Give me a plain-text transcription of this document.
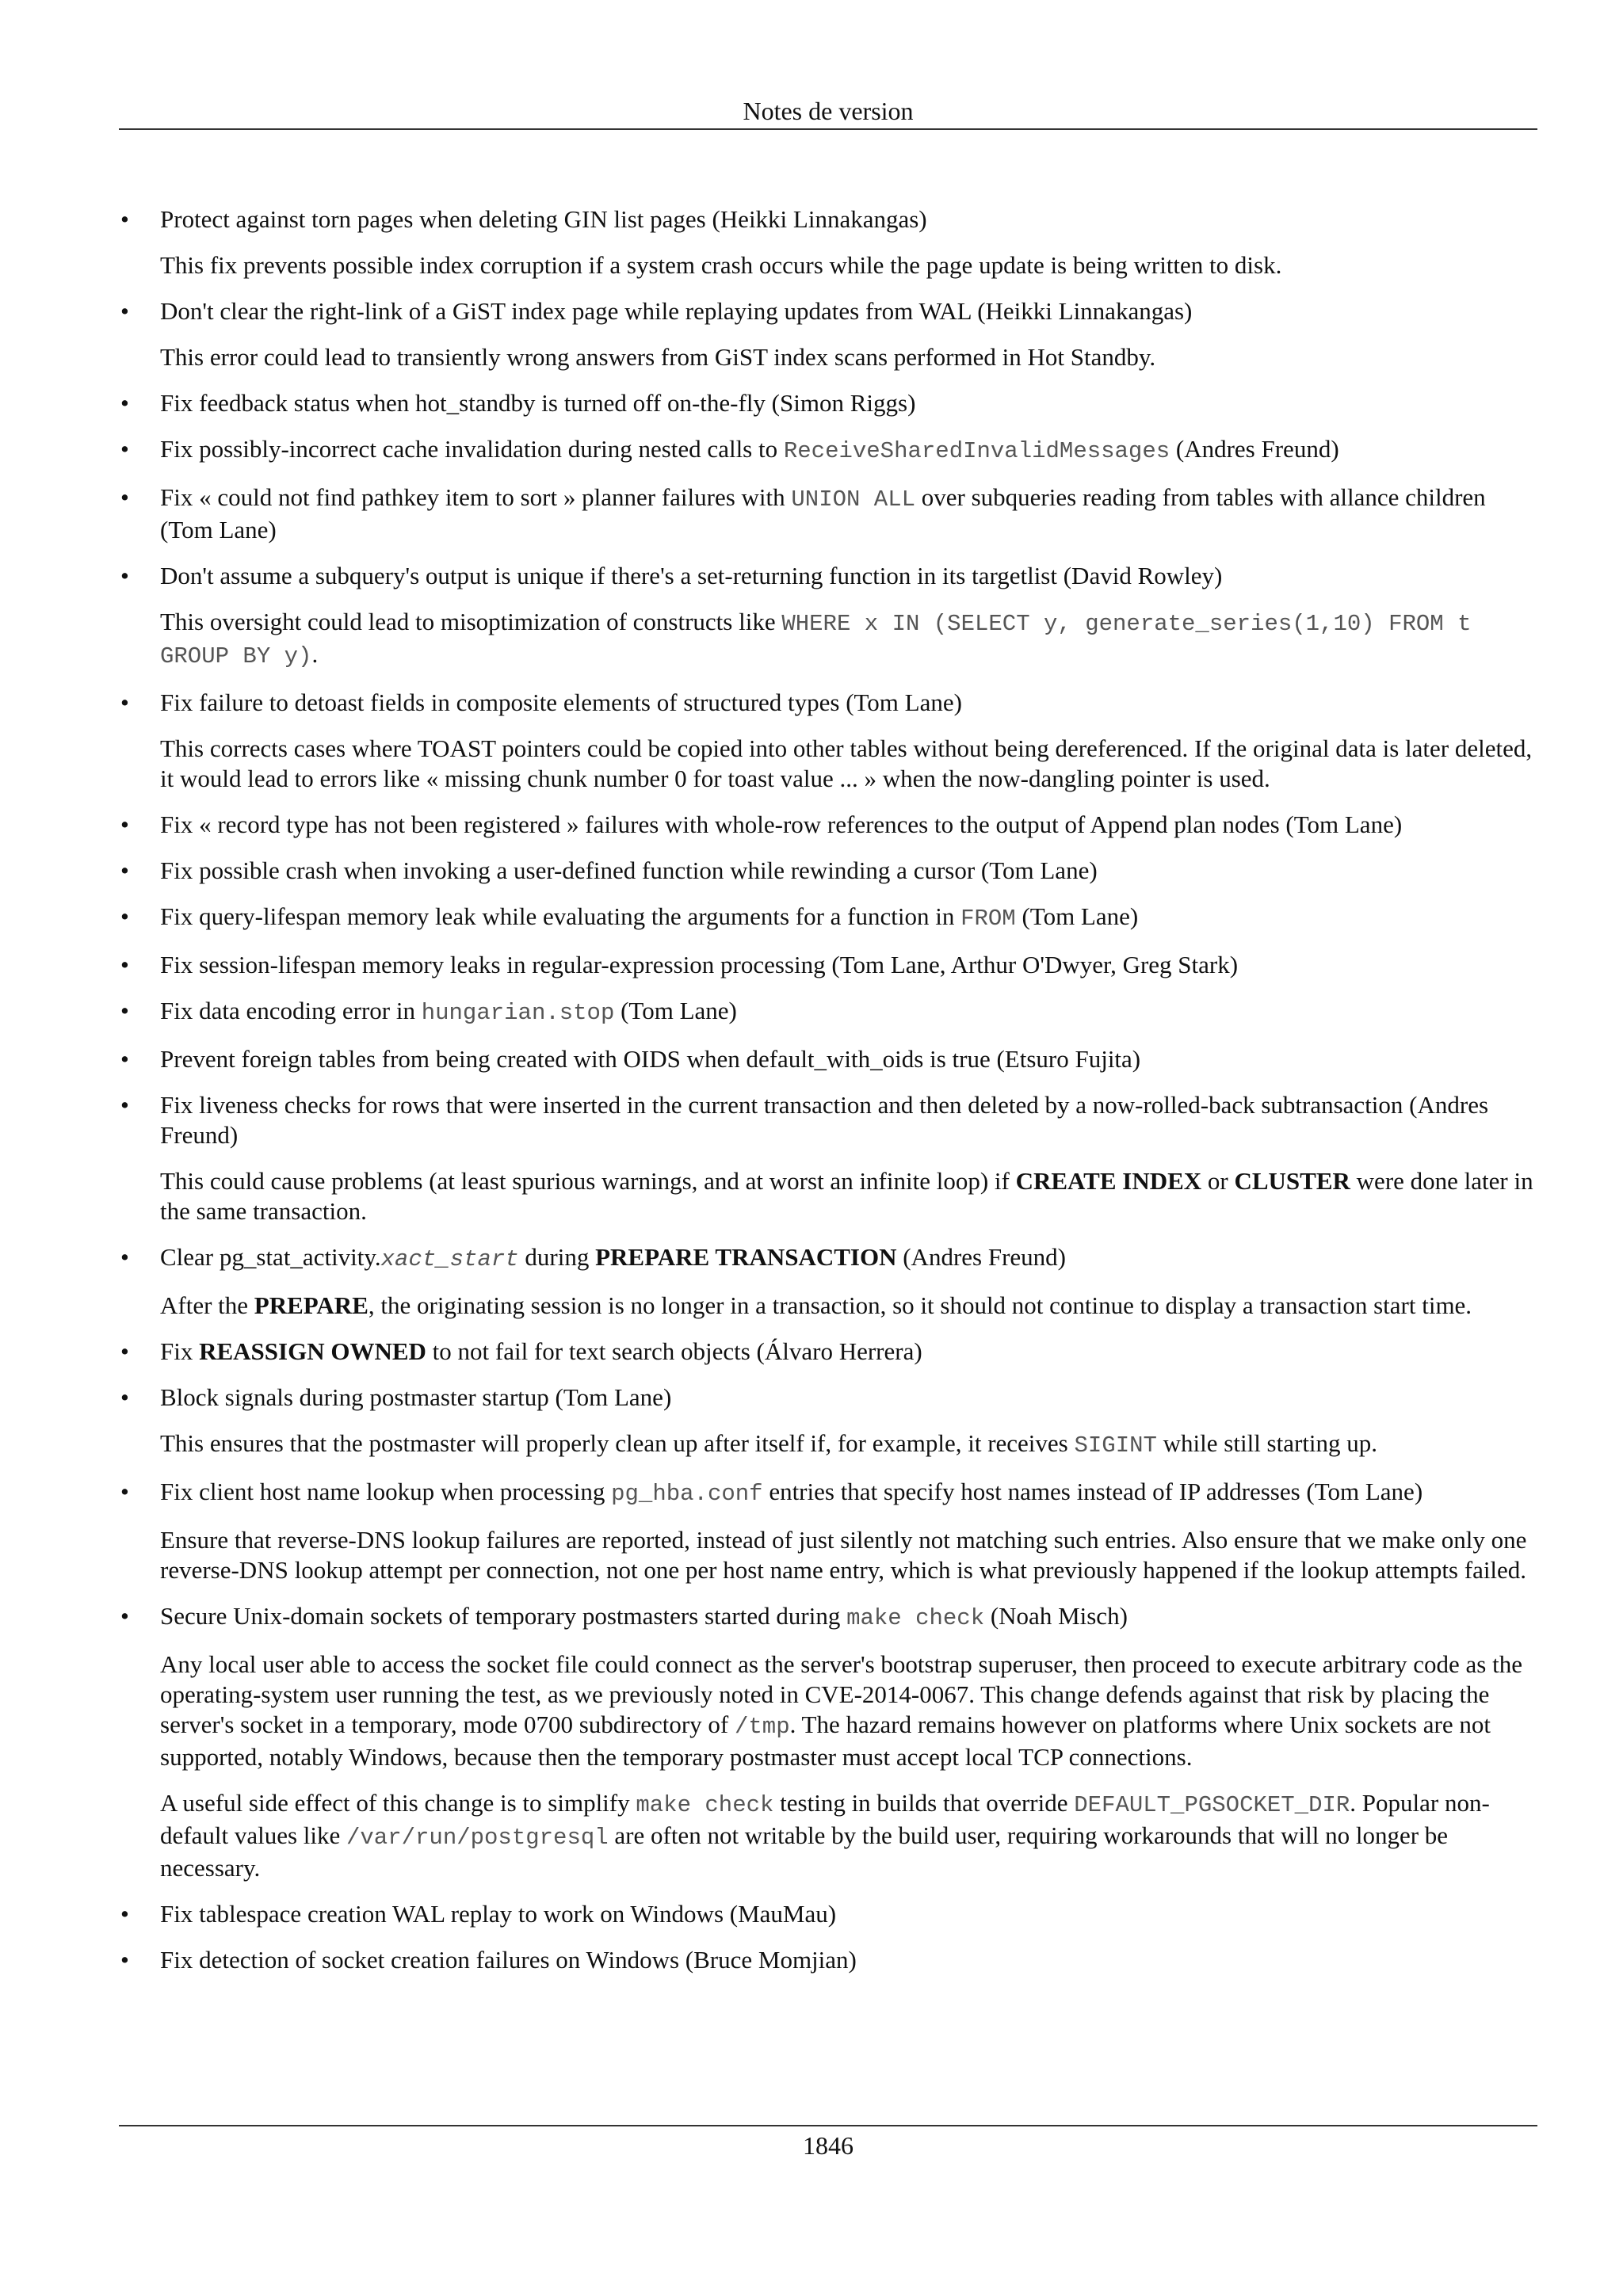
Notes de version
• Protect against torn pages when deleting GIN list pages (Heikki Linnakangas)
This fix prevents possible index corruption if a system crash occurs while the page update is being written to disk.
• Don't clear the right-link of a GiST index page while replaying updates from WAL (Heikki Linnakangas)
This error could lead to transiently wrong answers from GiST index scans performed in Hot Standby.
• Fix feedback status when hot_standby is turned off on-the-fly (Simon Riggs)
• Fix possibly-incorrect cache invalidation during nested calls to ReceiveSharedInvalidMessages (Andres Freund)
• Fix « could not find pathkey item to sort » planner failures with UNION ALL over subqueries reading from tables with allance children (Tom Lane)
• Don't assume a subquery's output is unique if there's a set-returning function in its targetlist (David Rowley)
This oversight could lead to misoptimization of constructs like WHERE x IN (SELECT y, generate_series(1,10) FROM t GROUP BY y).
• Fix failure to detoast fields in composite elements of structured types (Tom Lane)
This corrects cases where TOAST pointers could be copied into other tables without being dereferenced. If the original data is later deleted, it would lead to errors like « missing chunk number 0 for toast value ... » when the now-dangling pointer is used.
• Fix « record type has not been registered » failures with whole-row references to the output of Append plan nodes (Tom Lane)
• Fix possible crash when invoking a user-defined function while rewinding a cursor (Tom Lane)
• Fix query-lifespan memory leak while evaluating the arguments for a function in FROM (Tom Lane)
• Fix session-lifespan memory leaks in regular-expression processing (Tom Lane, Arthur O'Dwyer, Greg Stark)
• Fix data encoding error in hungarian.stop (Tom Lane)
• Prevent foreign tables from being created with OIDS when default_with_oids is true (Etsuro Fujita)
• Fix liveness checks for rows that were inserted in the current transaction and then deleted by a now-rolled-back subtransaction (Andres Freund)
This could cause problems (at least spurious warnings, and at worst an infinite loop) if CREATE INDEX or CLUSTER were done later in the same transaction.
• Clear pg_stat_activity.xact_start during PREPARE TRANSACTION (Andres Freund)
After the PREPARE, the originating session is no longer in a transaction, so it should not continue to display a transaction start time.
• Fix REASSIGN OWNED to not fail for text search objects (Álvaro Herrera)
• Block signals during postmaster startup (Tom Lane)
This ensures that the postmaster will properly clean up after itself if, for example, it receives SIGINT while still starting up.
• Fix client host name lookup when processing pg_hba.conf entries that specify host names instead of IP addresses (Tom Lane)
Ensure that reverse-DNS lookup failures are reported, instead of just silently not matching such entries. Also ensure that we make only one reverse-DNS lookup attempt per connection, not one per host name entry, which is what previously happened if the lookup attempts failed.
• Secure Unix-domain sockets of temporary postmasters started during make check (Noah Misch)
Any local user able to access the socket file could connect as the server's bootstrap superuser, then proceed to execute arbitrary code as the operating-system user running the test, as we previously noted in CVE-2014-0067. This change defends against that risk by placing the server's socket in a temporary, mode 0700 subdirectory of /tmp. The hazard remains however on platforms where Unix sockets are not supported, notably Windows, because then the temporary postmaster must accept local TCP connections.
A useful side effect of this change is to simplify make check testing in builds that override DEFAULT_PGSOCKET_DIR. Popular non-default values like /var/run/postgresql are often not writable by the build user, requiring workarounds that will no longer be necessary.
• Fix tablespace creation WAL replay to work on Windows (MauMau)
• Fix detection of socket creation failures on Windows (Bruce Momjian)
1846
